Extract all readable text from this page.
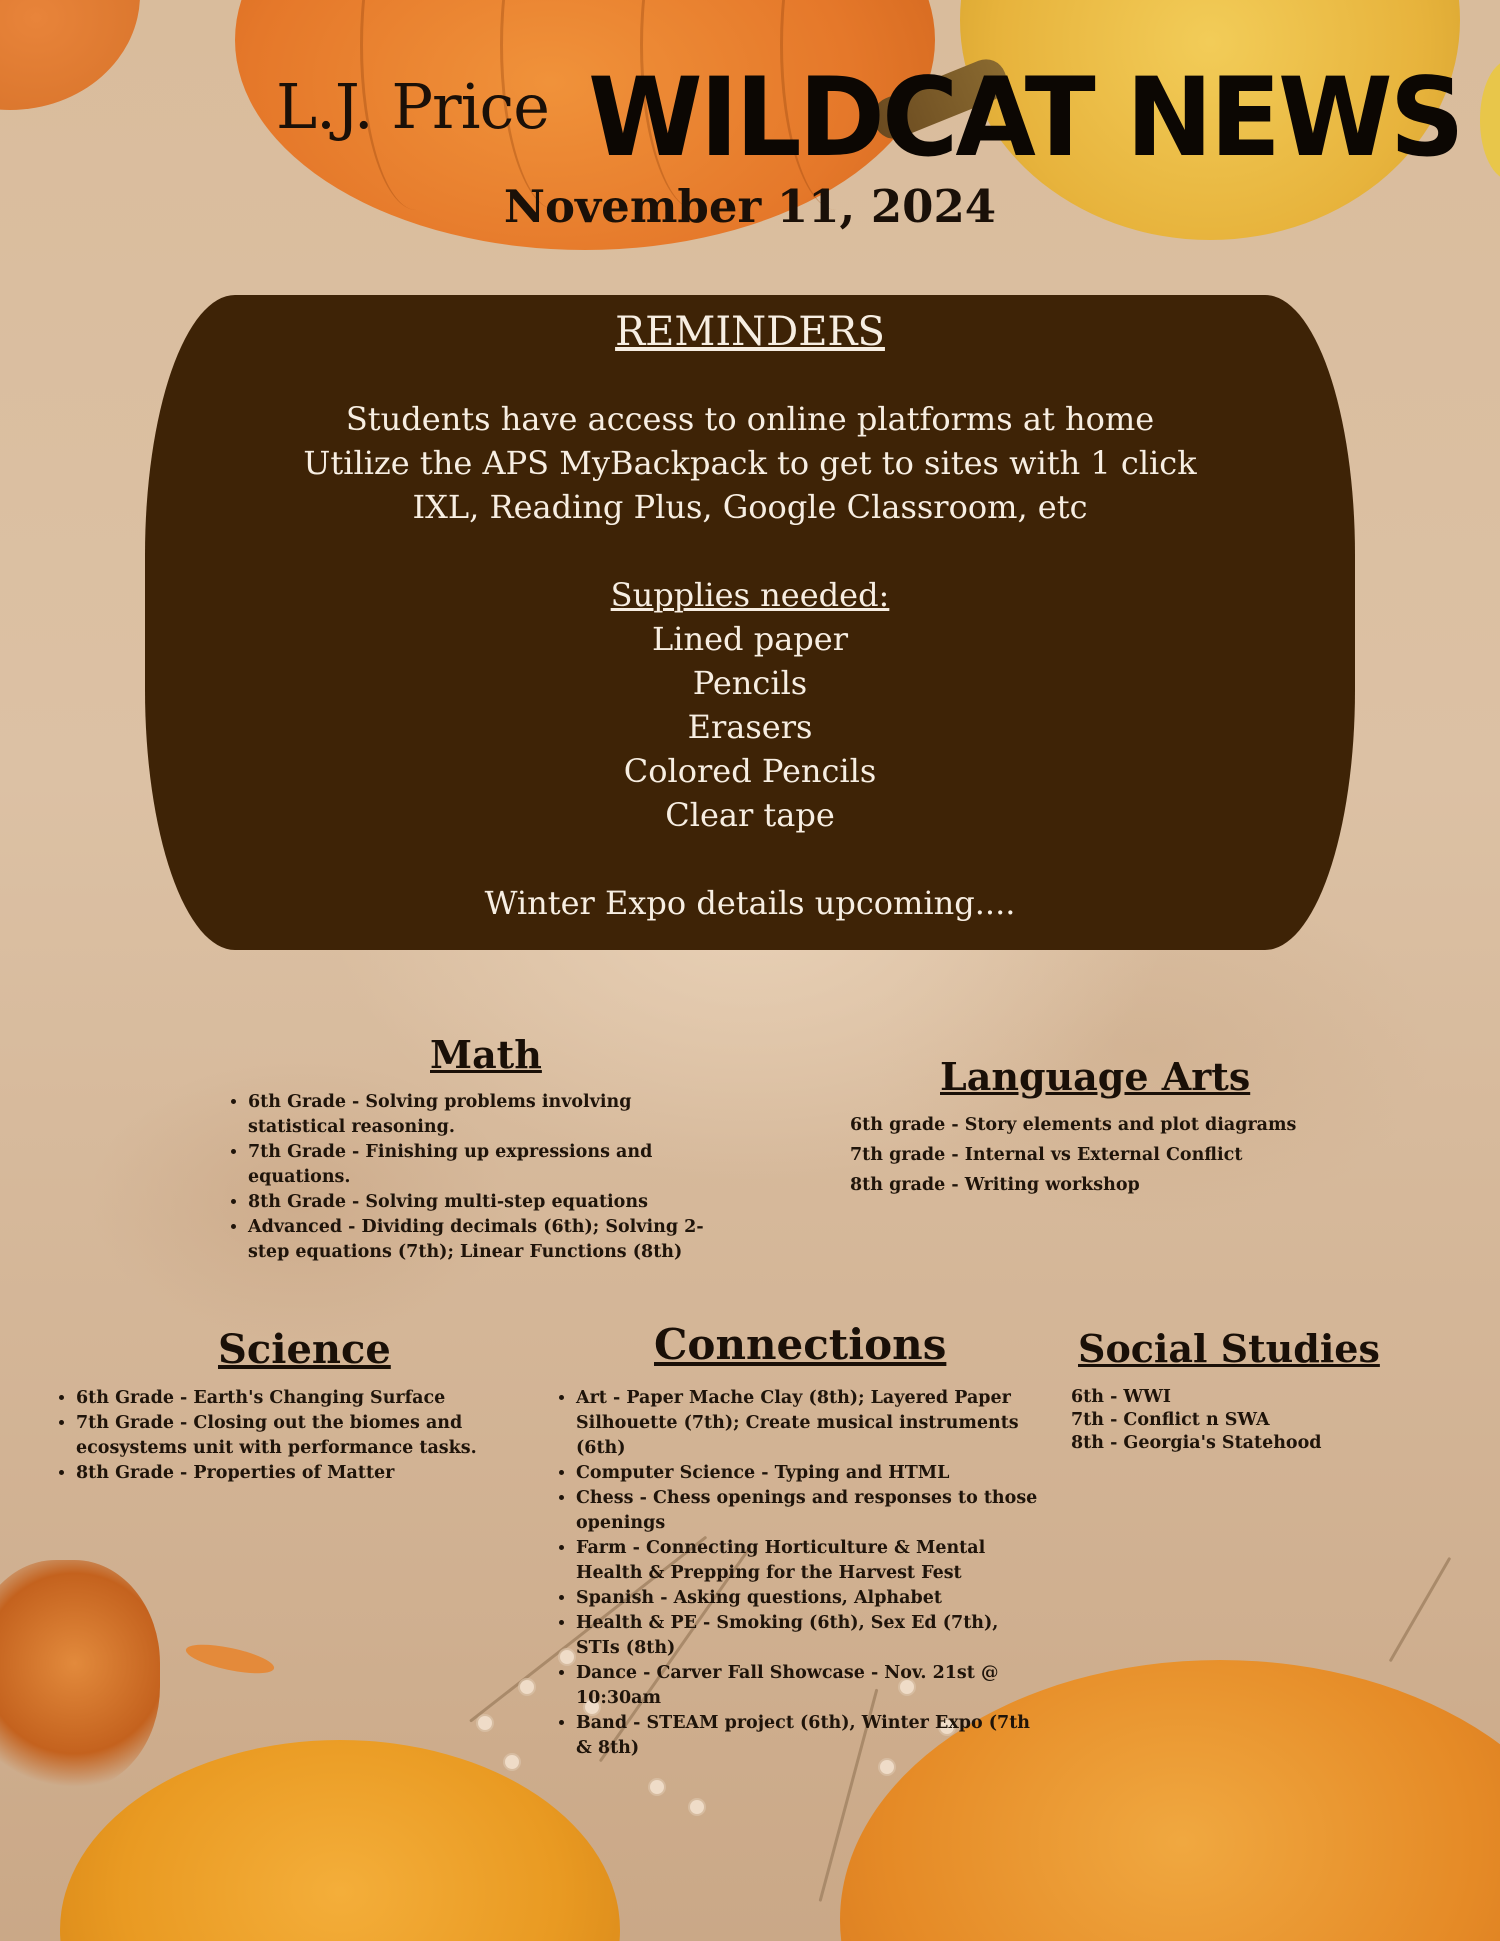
L.J. Price WILDCAT NEWS
November 11, 2024
REMINDERS
Students have access to online platforms at home
Utilize the APS MyBackpack to get to sites with 1 click
IXL, Reading Plus, Google Classroom, etc
Supplies needed:
Lined paper
Pencils
Erasers
Colored Pencils
Clear tape
Winter Expo details upcoming....
Math
• 6th Grade - Solving problems involving statistical reasoning.
• 7th Grade - Finishing up expressions and equations.
• 8th Grade - Solving multi-step equations
• Advanced - Dividing decimals (6th); Solving 2-step equations (7th); Linear Functions (8th)
Language Arts
6th grade - Story elements and plot diagrams
7th grade - Internal vs External Conflict
8th grade - Writing workshop
Science
• 6th Grade - Earth's Changing Surface
• 7th Grade - Closing out the biomes and ecosystems unit with performance tasks.
• 8th Grade - Properties of Matter
Connections
• Art - Paper Mache Clay (8th); Layered Paper Silhouette (7th); Create musical instruments (6th)
• Computer Science - Typing and HTML
• Chess - Chess openings and responses to those openings
• Farm - Connecting Horticulture & Mental Health & Prepping for the Harvest Fest
• Spanish - Asking questions, Alphabet
• Health & PE - Smoking (6th), Sex Ed (7th), STIs (8th)
• Dance - Carver Fall Showcase - Nov. 21st @ 10:30am
• Band - STEAM project (6th), Winter Expo (7th & 8th)
Social Studies
6th - WWI
7th - Conflict n SWA
8th - Georgia's Statehood
